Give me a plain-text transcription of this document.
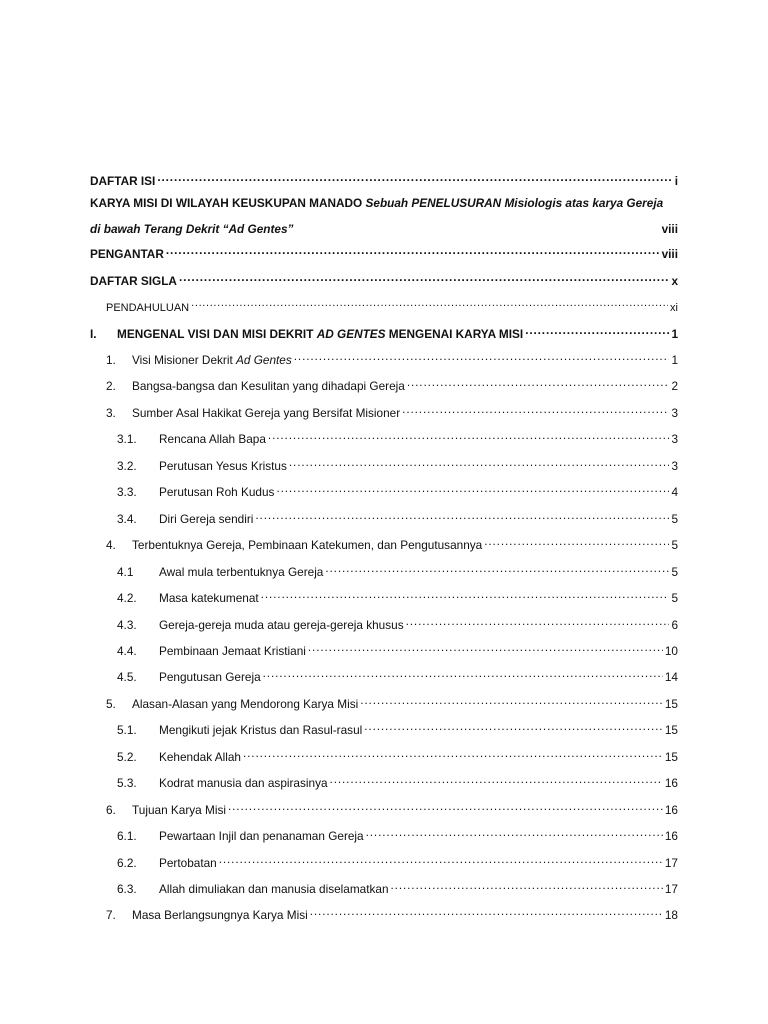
DAFTAR ISI . . .	i
KARYA MISI DI WILAYAH KEUSKUPAN MANADO Sebuah PENELUSURAN Misiologis atas karya Gereja
di bawah Terang Dekrit “Ad Gentes”	viii
PENGANTAR . . .	viii
DAFTAR SIGLA . . .	x
PENDAHULUAN . . .	xi
I.	MENGENAL VISI DAN MISI DEKRIT AD GENTES MENGENAI KARYA MISI . . .	1
1.	Visi Misioner Dekrit Ad Gentes . . .	1
2.	Bangsa-bangsa dan Kesulitan yang dihadapi Gereja . . .	2
3.	Sumber Asal Hakikat Gereja yang Bersifat Misioner . . .	3
3.1.	Rencana Allah Bapa . . .	3
3.2.	Perutusan Yesus Kristus . . .	3
3.3.	Perutusan Roh Kudus . . .	4
3.4.	Diri Gereja sendiri . . .	5
4.	Terbentuknya Gereja, Pembinaan Katekumen, dan Pengutusannya . . .	5
4.1	Awal mula terbentuknya Gereja . . .	5
4.2.	Masa katekumenat . . .	5
4.3.	Gereja-gereja muda atau gereja-gereja khusus . . .	6
4.4.	Pembinaan Jemaat Kristiani . . .	10
4.5.	Pengutusan Gereja . . .	14
5.	Alasan-Alasan yang Mendorong Karya Misi . . .	15
5.1.	Mengikuti jejak Kristus dan Rasul-rasul . . .	15
5.2.	Kehendak Allah . . .	15
5.3.	Kodrat manusia dan aspirasinya . . .	16
6.	Tujuan Karya Misi . . .	16
6.1.	Pewartaan Injil dan penanaman Gereja . . .	16
6.2.	Pertobatan . . .	17
6.3.	Allah dimuliakan dan manusia diselamatkan . . .	17
7.	Masa Berlangsungnya Karya Misi . . .	18
